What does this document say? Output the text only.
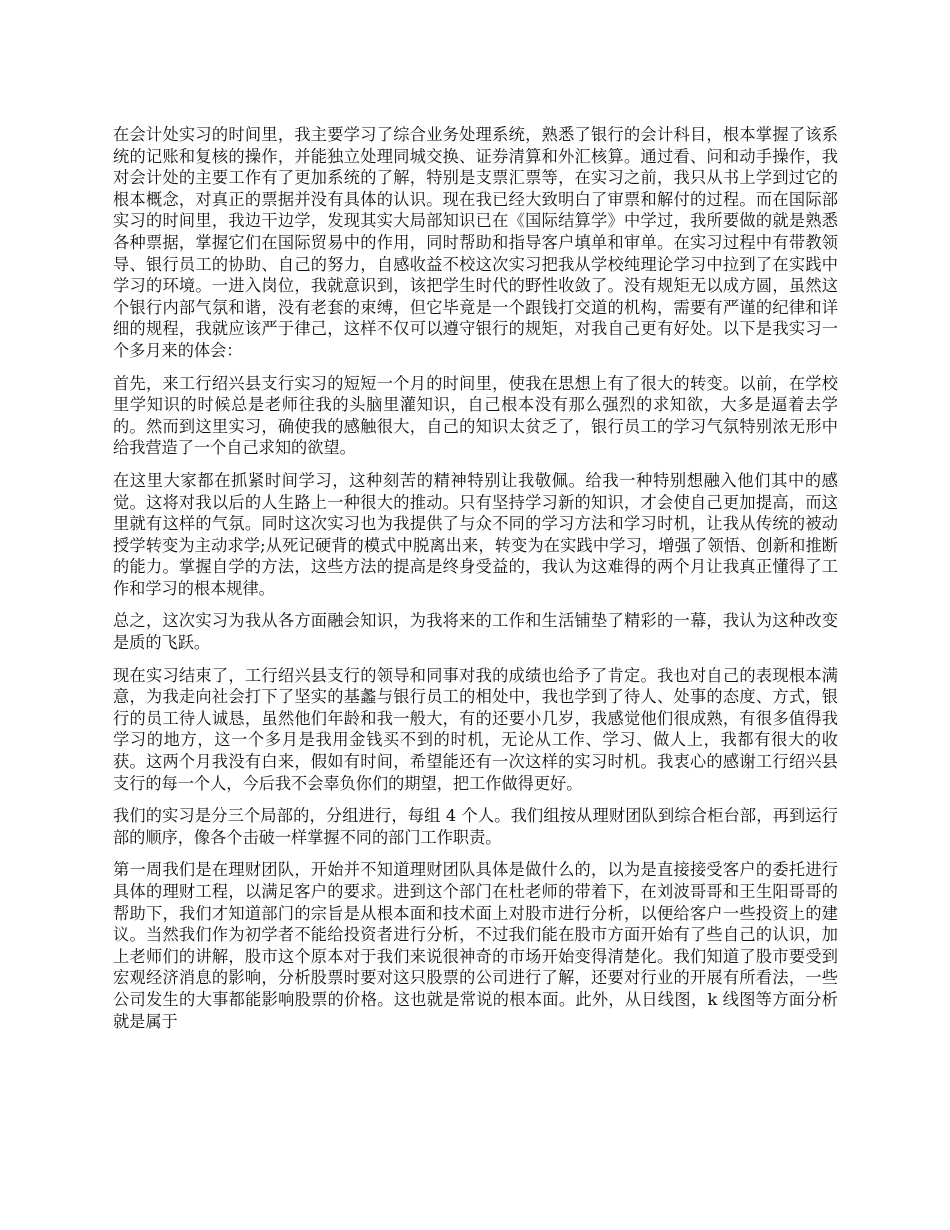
在会计处实习的时间里，我主要学习了综合业务处理系统，熟悉了银行的会计科目，根本掌握了该系统的记账和复核的操作，并能独立处理同城交换、证券清算和外汇核算。通过看、问和动手操作，我对会计处的主要工作有了更加系统的了解，特别是支票汇票等，在实习之前，我只从书上学到过它的根本概念，对真正的票据并没有具体的认识。现在我已经大致明白了审票和解付的过程。而在国际部实习的时间里，我边干边学，发现其实大局部知识已在《国际结算学》中学过，我所要做的就是熟悉各种票据，掌握它们在国际贸易中的作用，同时帮助和指导客户填单和审单。在实习过程中有带教领导、银行员工的协助、自己的努力，自感收益不校这次实习把我从学校纯理论学习中拉到了在实践中学习的环境。一进入岗位，我就意识到，该把学生时代的野性收敛了。没有规矩无以成方圆，虽然这个银行内部气氛和谐，没有老套的束缚，但它毕竟是一个跟钱打交道的机构，需要有严谨的纪律和详细的规程，我就应该严于律己，这样不仅可以遵守银行的规矩，对我自己更有好处。以下是我实习一个多月来的体会：

首先，来工行绍兴县支行实习的短短一个月的时间里，使我在思想上有了很大的转变。以前，在学校里学知识的时候总是老师往我的头脑里灌知识，自己根本没有那么强烈的求知欲，大多是逼着去学的。然而到这里实习，确使我的感触很大，自己的知识太贫乏了，银行员工的学习气氛特别浓无形中给我营造了一个自己求知的欲望。

在这里大家都在抓紧时间学习，这种刻苦的精神特别让我敬佩。给我一种特别想融入他们其中的感觉。这将对我以后的人生路上一种很大的推动。只有坚持学习新的知识，才会使自己更加提高，而这里就有这样的气氛。同时这次实习也为我提供了与众不同的学习方法和学习时机，让我从传统的被动授学转变为主动求学;从死记硬背的模式中脱离出来，转变为在实践中学习，增强了领悟、创新和推断的能力。掌握自学的方法，这些方法的提高是终身受益的，我认为这难得的两个月让我真正懂得了工作和学习的根本规律。

总之，这次实习为我从各方面融会知识，为我将来的工作和生活铺垫了精彩的一幕，我认为这种改变是质的飞跃。

现在实习结束了，工行绍兴县支行的领导和同事对我的成绩也给予了肯定。我也对自己的表现根本满意，为我走向社会打下了坚实的基蠡与银行员工的相处中，我也学到了待人、处事的态度、方式，银行的员工待人诚恳，虽然他们年龄和我一般大，有的还要小几岁，我感觉他们很成熟，有很多值得我学习的地方，这一个多月是我用金钱买不到的时机，无论从工作、学习、做人上，我都有很大的收获。这两个月我没有白来，假如有时间，希望能还有一次这样的实习时机。我衷心的感谢工行绍兴县支行的每一个人，今后我不会辜负你们的期望，把工作做得更好。

我们的实习是分三个局部的，分组进行，每组 4 个人。我们组按从理财团队到综合柜台部，再到运行部的顺序，像各个击破一样掌握不同的部门工作职责。

第一周我们是在理财团队，开始并不知道理财团队具体是做什么的，以为是直接接受客户的委托进行具体的理财工程，以满足客户的要求。进到这个部门在杜老师的带着下，在刘波哥哥和王生阳哥哥的帮助下，我们才知道部门的宗旨是从根本面和技术面上对股市进行分析，以便给客户一些投资上的建议。当然我们作为初学者不能给投资者进行分析，不过我们能在股市方面开始有了些自己的认识，加上老师们的讲解，股市这个原本对于我们来说很神奇的市场开始变得清楚化。我们知道了股市要受到宏观经济消息的影响，分析股票时要对这只股票的公司进行了解，还要对行业的开展有所看法，一些公司发生的大事都能影响股票的价格。这也就是常说的根本面。此外，从日线图，k 线图等方面分析就是属于
